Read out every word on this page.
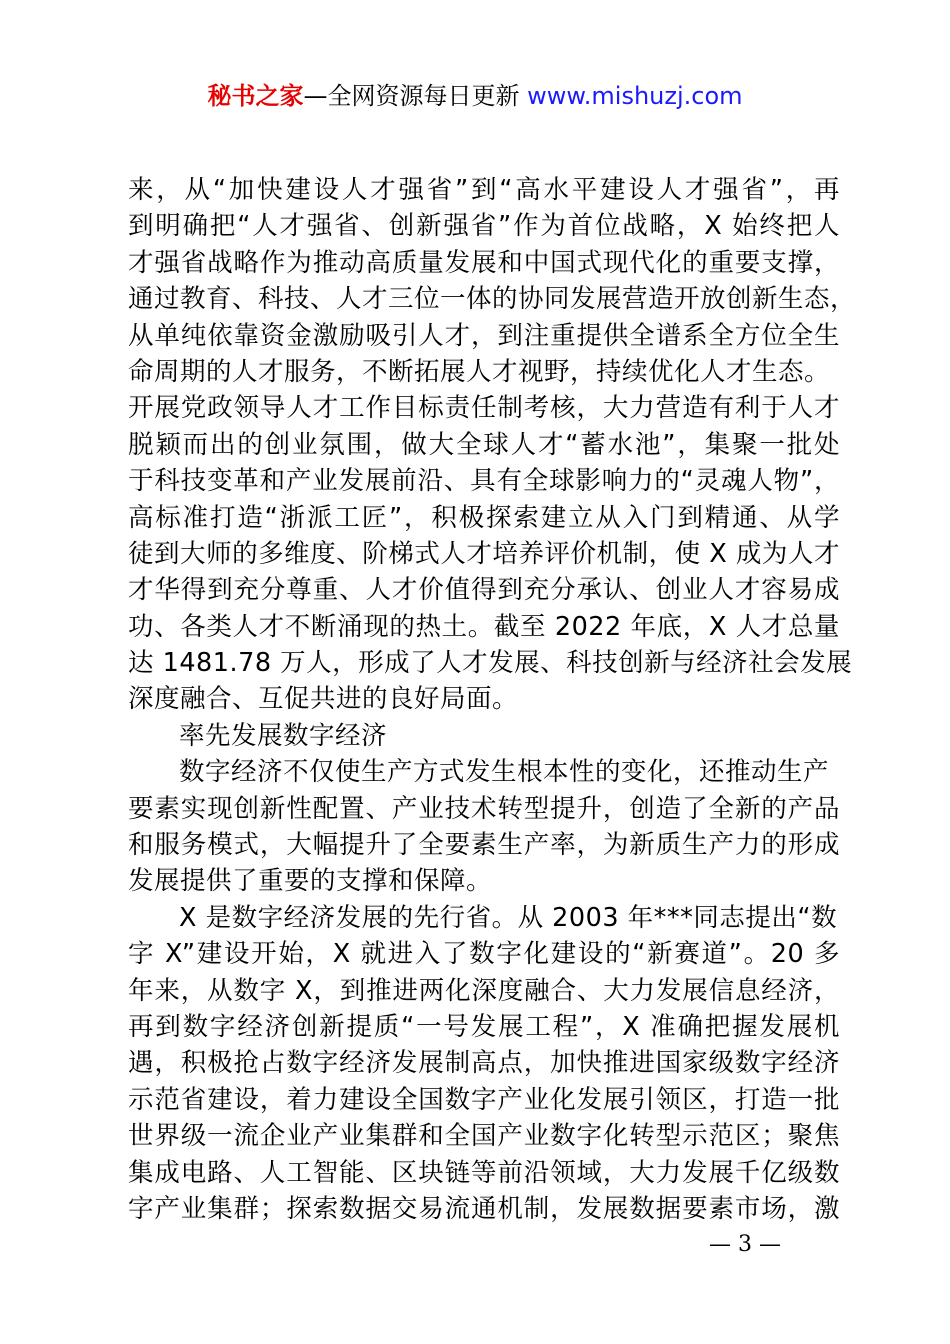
秘书之家—全网资源每日更新 www.mishuzj.com
来，从“加快建设人才强省”到“高水平建设人才强省”，再
到明确把“人才强省、创新强省”作为首位战略，X 始终把人
才强省战略作为推动高质量发展和中国式现代化的重要支撑，
通过教育、科技、人才三位一体的协同发展营造开放创新生态，
从单纯依靠资金激励吸引人才，到注重提供全谱系全方位全生
命周期的人才服务，不断拓展人才视野，持续优化人才生态。
开展党政领导人才工作目标责任制考核，大力营造有利于人才
脱颖而出的创业氛围，做大全球人才“蓄水池”，集聚一批处
于科技变革和产业发展前沿、具有全球影响力的“灵魂人物”，
高标准打造“浙派工匠”，积极探索建立从入门到精通、从学
徒到大师的多维度、阶梯式人才培养评价机制，使 X 成为人才
才华得到充分尊重、人才价值得到充分承认、创业人才容易成
功、各类人才不断涌现的热土。截至 2022 年底，X 人才总量
达 1481.78 万人，形成了人才发展、科技创新与经济社会发展
深度融合、互促共进的良好局面。
率先发展数字经济
数字经济不仅使生产方式发生根本性的变化，还推动生产
要素实现创新性配置、产业技术转型提升，创造了全新的产品
和服务模式，大幅提升了全要素生产率，为新质生产力的形成
发展提供了重要的支撑和保障。
X 是数字经济发展的先行省。从 2003 年***同志提出“数
字 X”建设开始，X 就进入了数字化建设的“新赛道”。20 多
年来，从数字 X，到推进两化深度融合、大力发展信息经济，
再到数字经济创新提质“一号发展工程”，X 准确把握发展机
遇，积极抢占数字经济发展制高点，加快推进国家级数字经济
示范省建设，着力建设全国数字产业化发展引领区，打造一批
世界级一流企业产业集群和全国产业数字化转型示范区；聚焦
集成电路、人工智能、区块链等前沿领域，大力发展千亿级数
字产业集群；探索数据交易流通机制，发展数据要素市场，激
— 3 —
